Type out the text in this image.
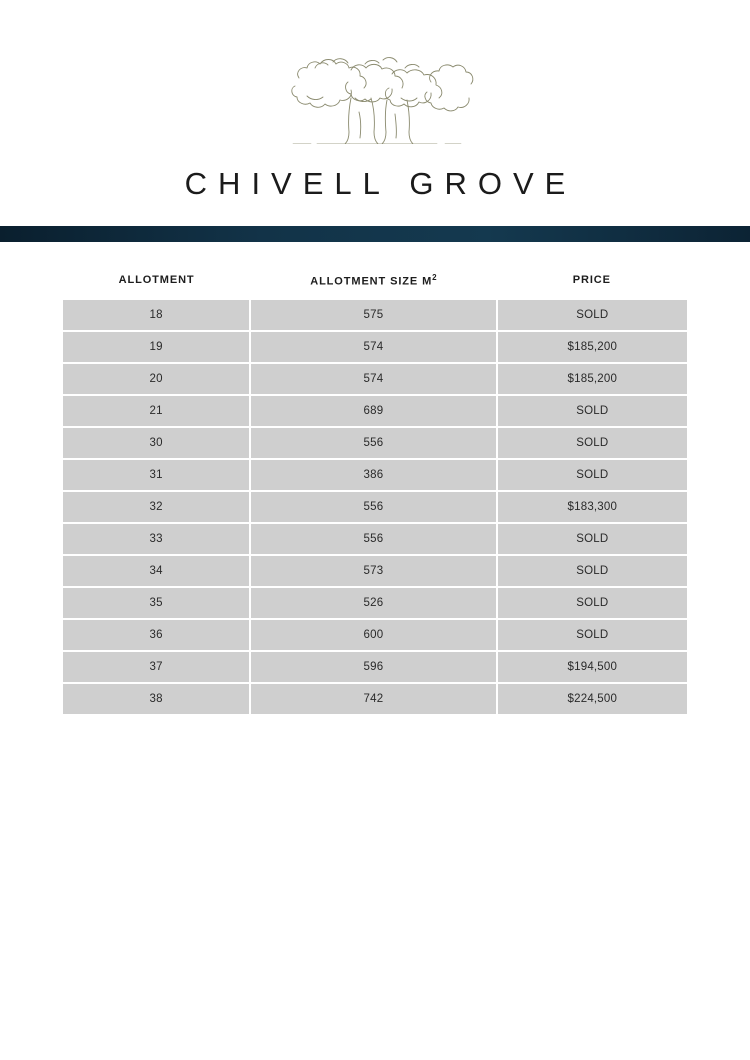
CHIVELL GROVE
ALLOTMENT	ALLOTMENT SIZE $M^2$	PRICE
18	575	SOLD
19	574	$185,200
20	574	$185,200
21	689	SOLD
30	556	SOLD
31	386	SOLD
32	556	$183,300
33	556	SOLD
34	573	SOLD
35	526	SOLD
36	600	SOLD
37	596	$194,500
38	742	$224,500
